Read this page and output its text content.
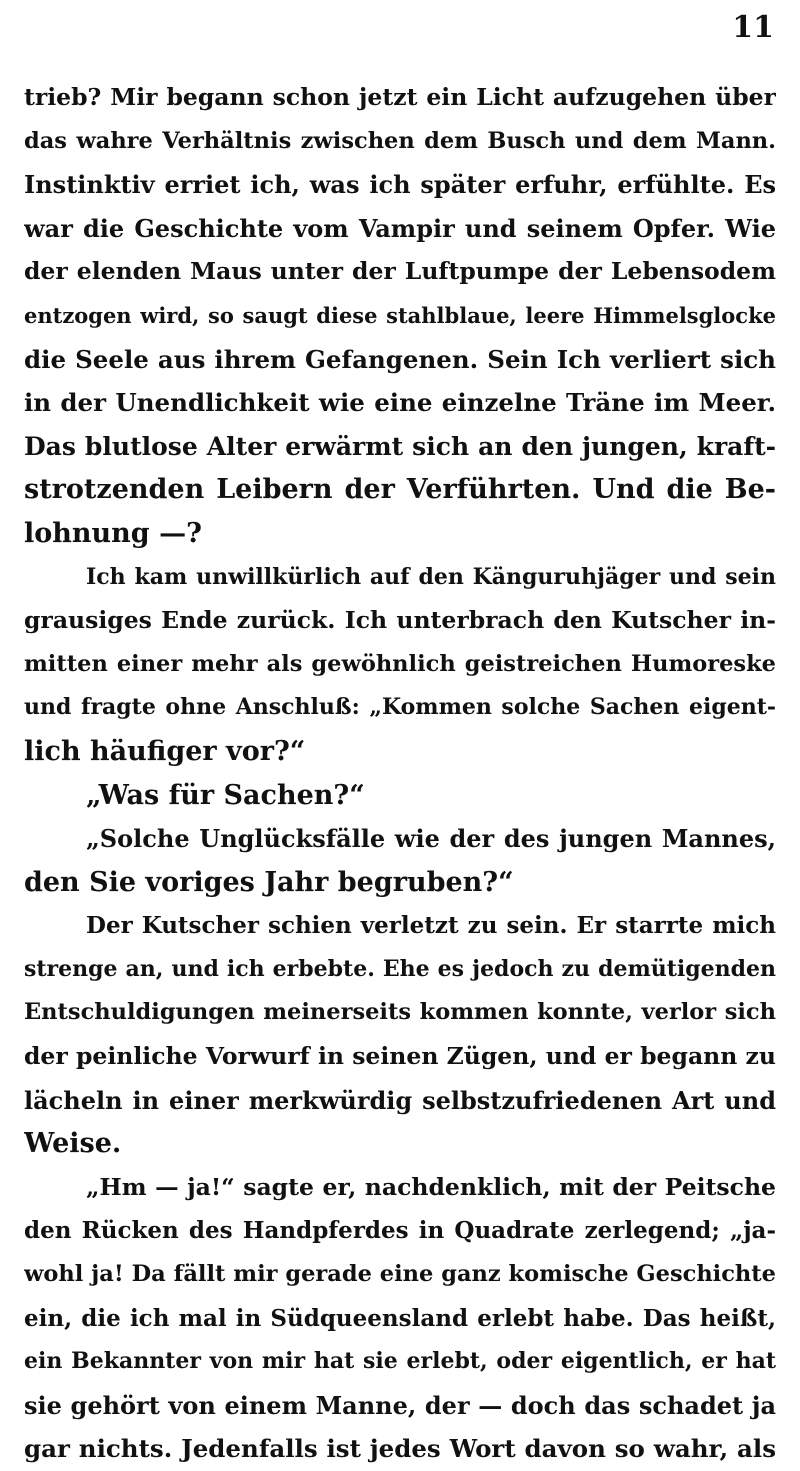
11
trieb? Mir begann schon jetzt ein Licht aufzugehen über
das wahre Verhältnis zwischen dem Busch und dem Mann.
Instinktiv erriet ich, was ich später erfuhr, erfühlte. Es
war die Geschichte vom Vampir und seinem Opfer. Wie
der elenden Maus unter der Luftpumpe der Lebensodem
entzogen wird, so saugt diese stahlblaue, leere Himmelsglocke
die Seele aus ihrem Gefangenen. Sein Ich verliert sich
in der Unendlichkeit wie eine einzelne Träne im Meer.
Das blutlose Alter erwärmt sich an den jungen, kraft-
strotzenden Leibern der Verführten. Und die Be-
lohnung —?
Ich kam unwillkürlich auf den Känguruhjäger und sein
grausiges Ende zurück. Ich unterbrach den Kutscher in-
mitten einer mehr als gewöhnlich geistreichen Humoreske
und fragte ohne Anschluß: „Kommen solche Sachen eigent-
lich häufiger vor?“
„Was für Sachen?“
„Solche Unglücksfälle wie der des jungen Mannes,
den Sie voriges Jahr begruben?“
Der Kutscher schien verletzt zu sein. Er starrte mich
strenge an, und ich erbebte. Ehe es jedoch zu demütigenden
Entschuldigungen meinerseits kommen konnte, verlor sich
der peinliche Vorwurf in seinen Zügen, und er begann zu
lächeln in einer merkwürdig selbstzufriedenen Art und
Weise.
„Hm — ja!“ sagte er, nachdenklich, mit der Peitsche
den Rücken des Handpferdes in Quadrate zerlegend; „ja-
wohl ja! Da fällt mir gerade eine ganz komische Geschichte
ein, die ich mal in Südqueensland erlebt habe. Das heißt,
ein Bekannter von mir hat sie erlebt, oder eigentlich, er hat
sie gehört von einem Manne, der — doch das schadet ja
gar nichts. Jedenfalls ist jedes Wort davon so wahr, als
